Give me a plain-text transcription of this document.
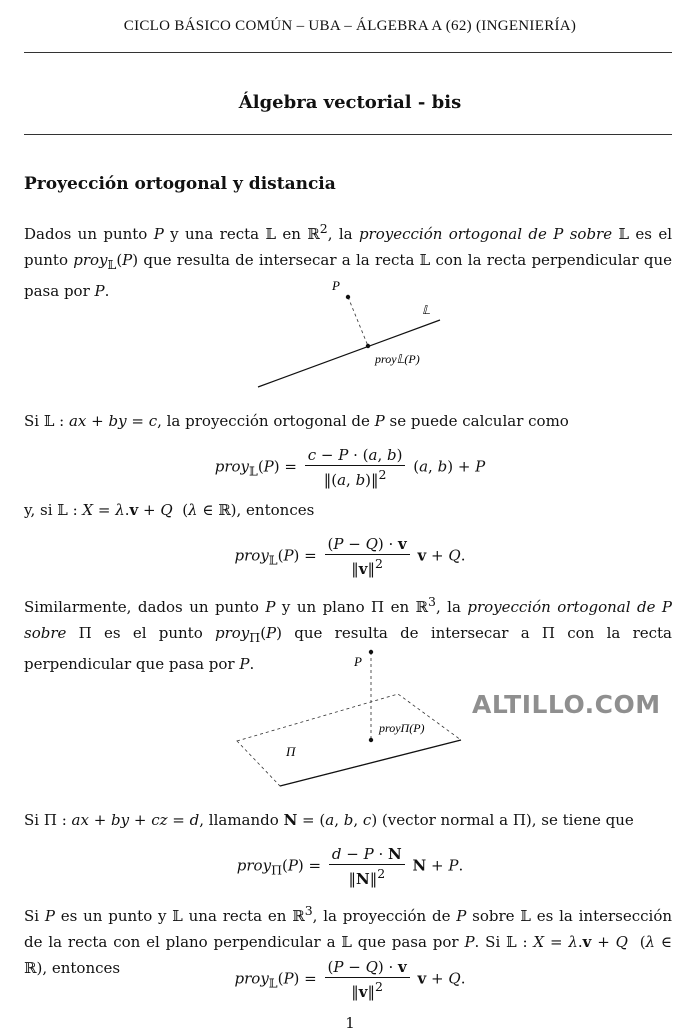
CICLO BÁSICO COMÚN – UBA – ÁLGEBRA A (62) (INGENIERÍA)
Álgebra vectorial - bis
Proyección ortogonal y distancia
Dados un punto P y una recta 𝕃 en ℝ$^2$, la proyección ortogonal de P sobre 𝕃 es el punto proy$_𝕃$(P) que resulta de intersecar a la recta 𝕃 con la recta perpendicular que pasa por P.	P
𝕃
proy𝕃(P)
Si 𝕃 : ax + by = c, la proyección ortogonal de P se puede calcular como
proy$_𝕃$(P) = $\frac{c - P \cdot (a, b)}{‖(a, b)‖^2} (a$, b) + P
y, si 𝕃 : X = λ.v + Q  (λ ∈ ℝ), entonces
proy$_𝕃$(P) = $\frac{(P - Q) \cdot v}{‖v‖^2}$ v + Q.
Similarmente, dados un punto P y un plano Π en ℝ$^3$, la proyección ortogonal de P sobre Π es el punto proy$_\Pi$(P) que resulta de intersecar a Π con la recta perpendicular que pasa por P.	P
Π
proyΠ(P)
ALTILLO.COM
Si Π : ax + by + cz = d, llamando N = (a, b, c) (vector normal a Π), se tiene que
proy$_\Pi$(P) = $\frac{d - P \cdot N}{‖N‖^2}$ N + P.
Si P es un punto y 𝕃 una recta en ℝ$^3$, la proyección de P sobre 𝕃 es la intersección de la recta con el plano perpendicular a 𝕃 que pasa por P. Si 𝕃 : X = λ.v + Q  (λ ∈ ℝ), entonces
proy$_𝕃$(P) = $\frac{(P - Q) \cdot v}{‖v‖^2}$ v + Q.
1
